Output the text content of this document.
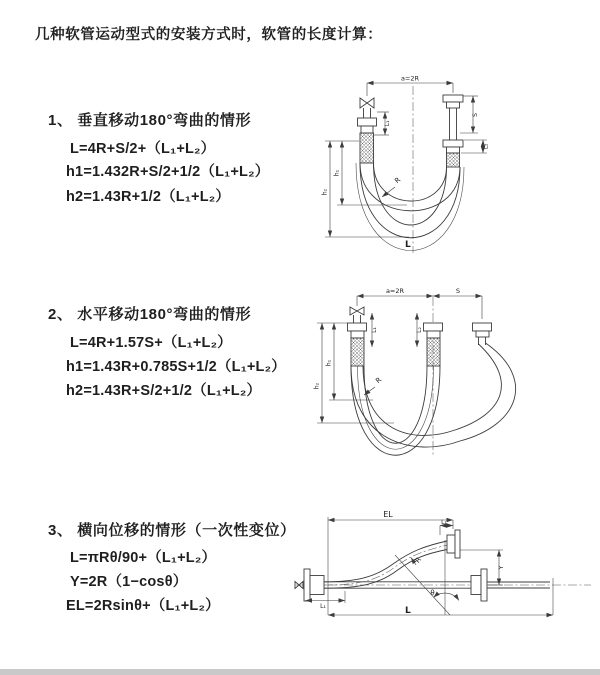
几种软管运动型式的安装方式时，软管的长度计算：
1、 垂直移动180°弯曲的情形
L=4R+S/2+（L₁+L₂）
h1=1.432R+S/2+1/2（L₁+L₂）
h2=1.43R+1/2（L₁+L₂）
2、 水平移动180°弯曲的情形
L=4R+1.57S+（L₁+L₂）
h1=1.43R+0.785S+1/2（L₁+L₂）
h2=1.43R+S/2+1/2（L₁+L₂）
3、 横向位移的情形（一次性变位）
L=πRθ/90+（L₁+L₂）
Y=2R（1−cosθ）
EL=2Rsinθ+（L₁+L₂）
a=2R
S
L₂
L₁
h₁
h₂
R
L
a=2R	S
L₁	L₂
h₁
h₂
R
θ
R
EL
L₁
Y
L
L₁
